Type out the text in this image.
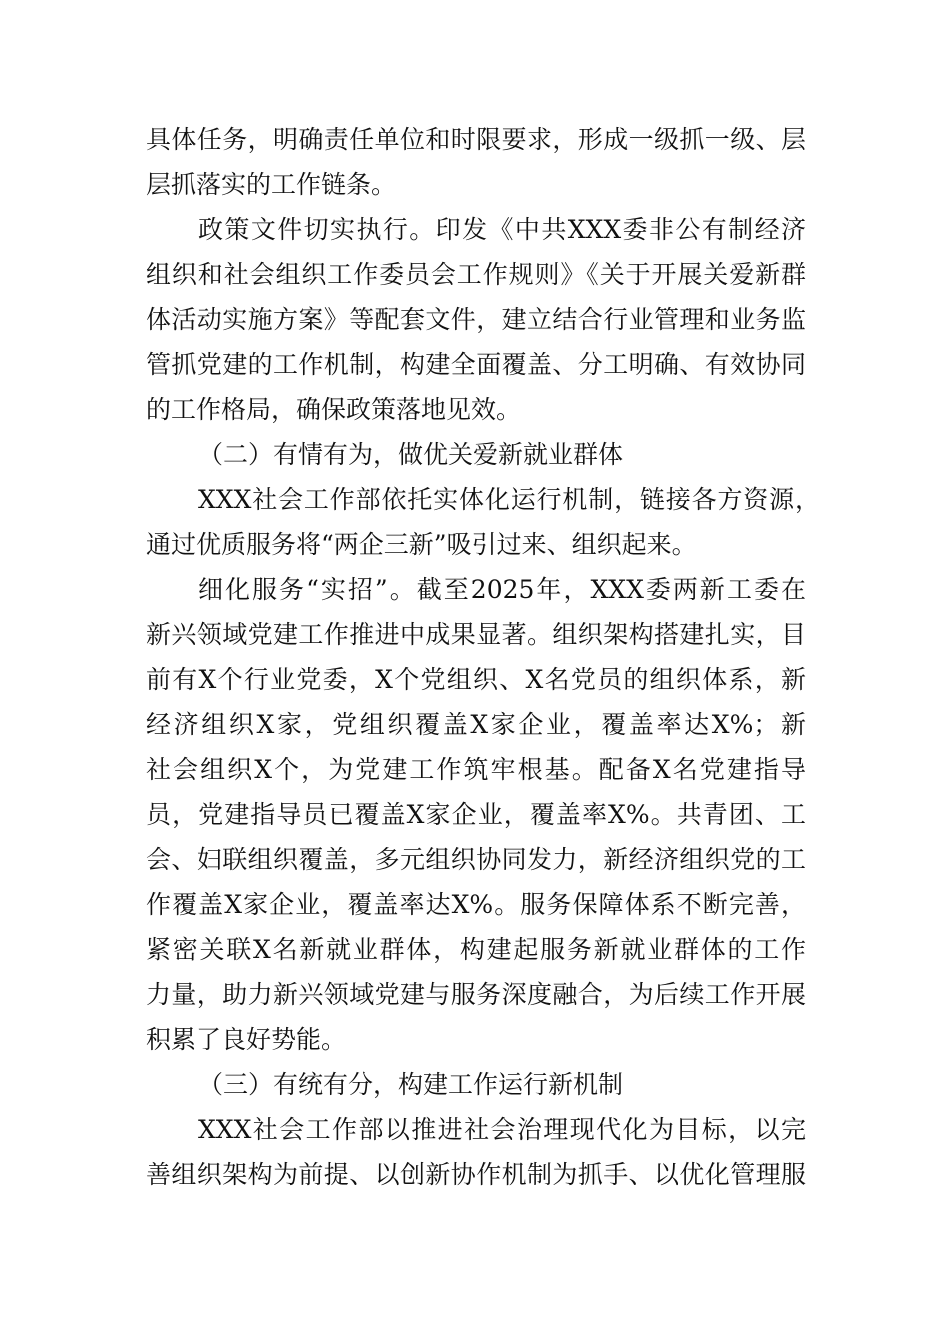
具体任务，明确责任单位和时限要求，形成一级抓一级、层
层抓落实的工作链条。
政策文件切实执行。印发《中共XXX委非公有制经济
组织和社会组织工作委员会工作规则》《关于开展关爱新群
体活动实施方案》等配套文件，建立结合行业管理和业务监
管抓党建的工作机制，构建全面覆盖、分工明确、有效协同
的工作格局，确保政策落地见效。
（二）有情有为，做优关爱新就业群体
XXX社会工作部依托实体化运行机制，链接各方资源，
通过优质服务将“两企三新”吸引过来、组织起来。
细化服务“实招”。截至2025年，XXX委两新工委在
新兴领域党建工作推进中成果显著。组织架构搭建扎实，目
前有X个行业党委，X个党组织、X名党员的组织体系，新
经济组织X家，党组织覆盖X家企业，覆盖率达X%；新
社会组织X个，为党建工作筑牢根基。配备X名党建指导
员，党建指导员已覆盖X家企业，覆盖率X%。共青团、工
会、妇联组织覆盖，多元组织协同发力，新经济组织党的工
作覆盖X家企业，覆盖率达X%。服务保障体系不断完善，
紧密关联X名新就业群体，构建起服务新就业群体的工作
力量，助力新兴领域党建与服务深度融合，为后续工作开展
积累了良好势能。
（三）有统有分，构建工作运行新机制
XXX社会工作部以推进社会治理现代化为目标，以完
善组织架构为前提、以创新协作机制为抓手、以优化管理服
